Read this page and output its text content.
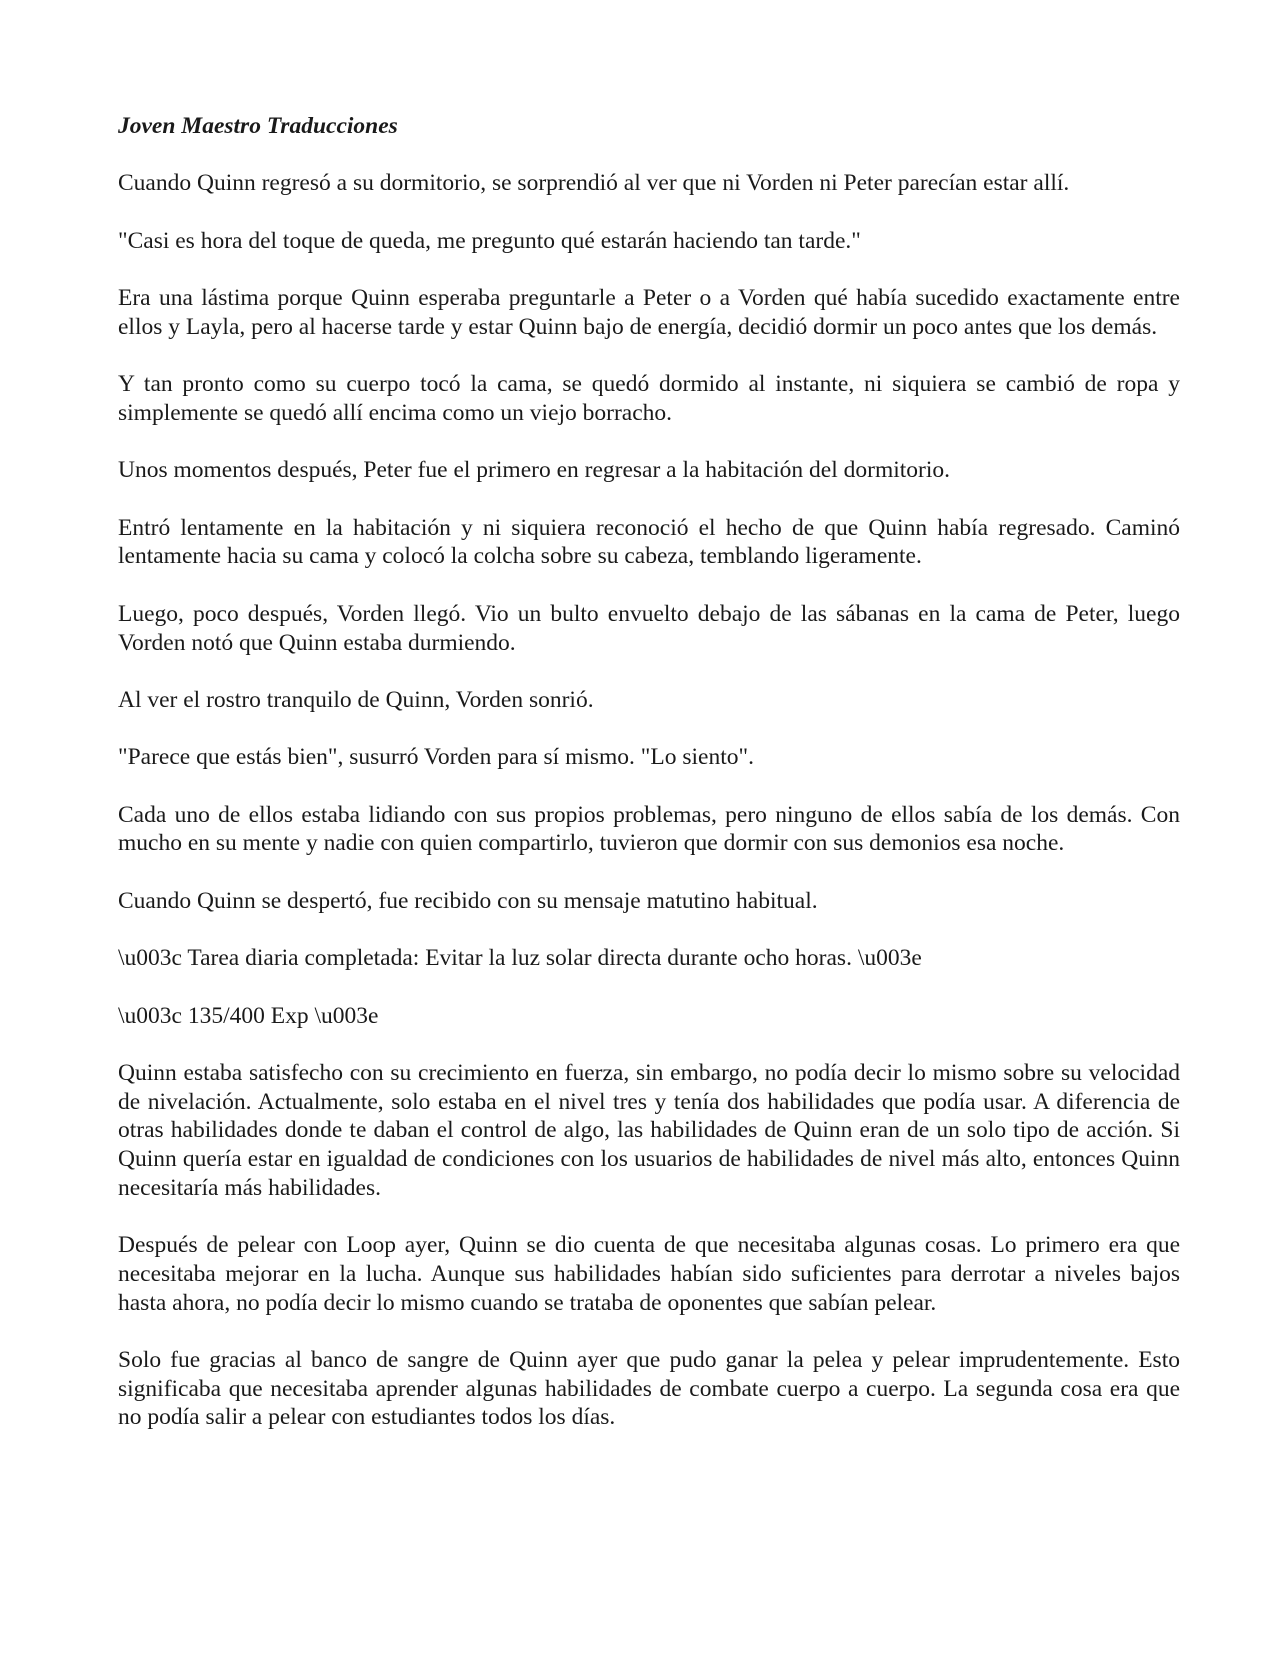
Joven Maestro Traducciones

Cuando Quinn regresó a su dormitorio, se sorprendió al ver que ni Vorden ni Peter parecían estar allí.

"Casi es hora del toque de queda, me pregunto qué estarán haciendo tan tarde."

Era una lástima porque Quinn esperaba preguntarle a Peter o a Vorden qué había sucedido exactamente entre ellos y Layla, pero al hacerse tarde y estar Quinn bajo de energía, decidió dormir un poco antes que los demás.

Y tan pronto como su cuerpo tocó la cama, se quedó dormido al instante, ni siquiera se cambió de ropa y simplemente se quedó allí encima como un viejo borracho.

Unos momentos después, Peter fue el primero en regresar a la habitación del dormitorio.

Entró lentamente en la habitación y ni siquiera reconoció el hecho de que Quinn había regresado. Caminó lentamente hacia su cama y colocó la colcha sobre su cabeza, temblando ligeramente.

Luego, poco después, Vorden llegó. Vio un bulto envuelto debajo de las sábanas en la cama de Peter, luego Vorden notó que Quinn estaba durmiendo.

Al ver el rostro tranquilo de Quinn, Vorden sonrió.

"Parece que estás bien", susurró Vorden para sí mismo. "Lo siento".

Cada uno de ellos estaba lidiando con sus propios problemas, pero ninguno de ellos sabía de los demás. Con mucho en su mente y nadie con quien compartirlo, tuvieron que dormir con sus demonios esa noche.

Cuando Quinn se despertó, fue recibido con su mensaje matutino habitual.

\u003c Tarea diaria completada: Evitar la luz solar directa durante ocho horas. \u003e

\u003c 135/400 Exp \u003e

Quinn estaba satisfecho con su crecimiento en fuerza, sin embargo, no podía decir lo mismo sobre su velocidad de nivelación. Actualmente, solo estaba en el nivel tres y tenía dos habilidades que podía usar. A diferencia de otras habilidades donde te daban el control de algo, las habilidades de Quinn eran de un solo tipo de acción. Si Quinn quería estar en igualdad de condiciones con los usuarios de habilidades de nivel más alto, entonces Quinn necesitaría más habilidades.

Después de pelear con Loop ayer, Quinn se dio cuenta de que necesitaba algunas cosas. Lo primero era que necesitaba mejorar en la lucha. Aunque sus habilidades habían sido suficientes para derrotar a niveles bajos hasta ahora, no podía decir lo mismo cuando se trataba de oponentes que sabían pelear.

Solo fue gracias al banco de sangre de Quinn ayer que pudo ganar la pelea y pelear imprudentemente. Esto significaba que necesitaba aprender algunas habilidades de combate cuerpo a cuerpo. La segunda cosa era que no podía salir a pelear con estudiantes todos los días.
